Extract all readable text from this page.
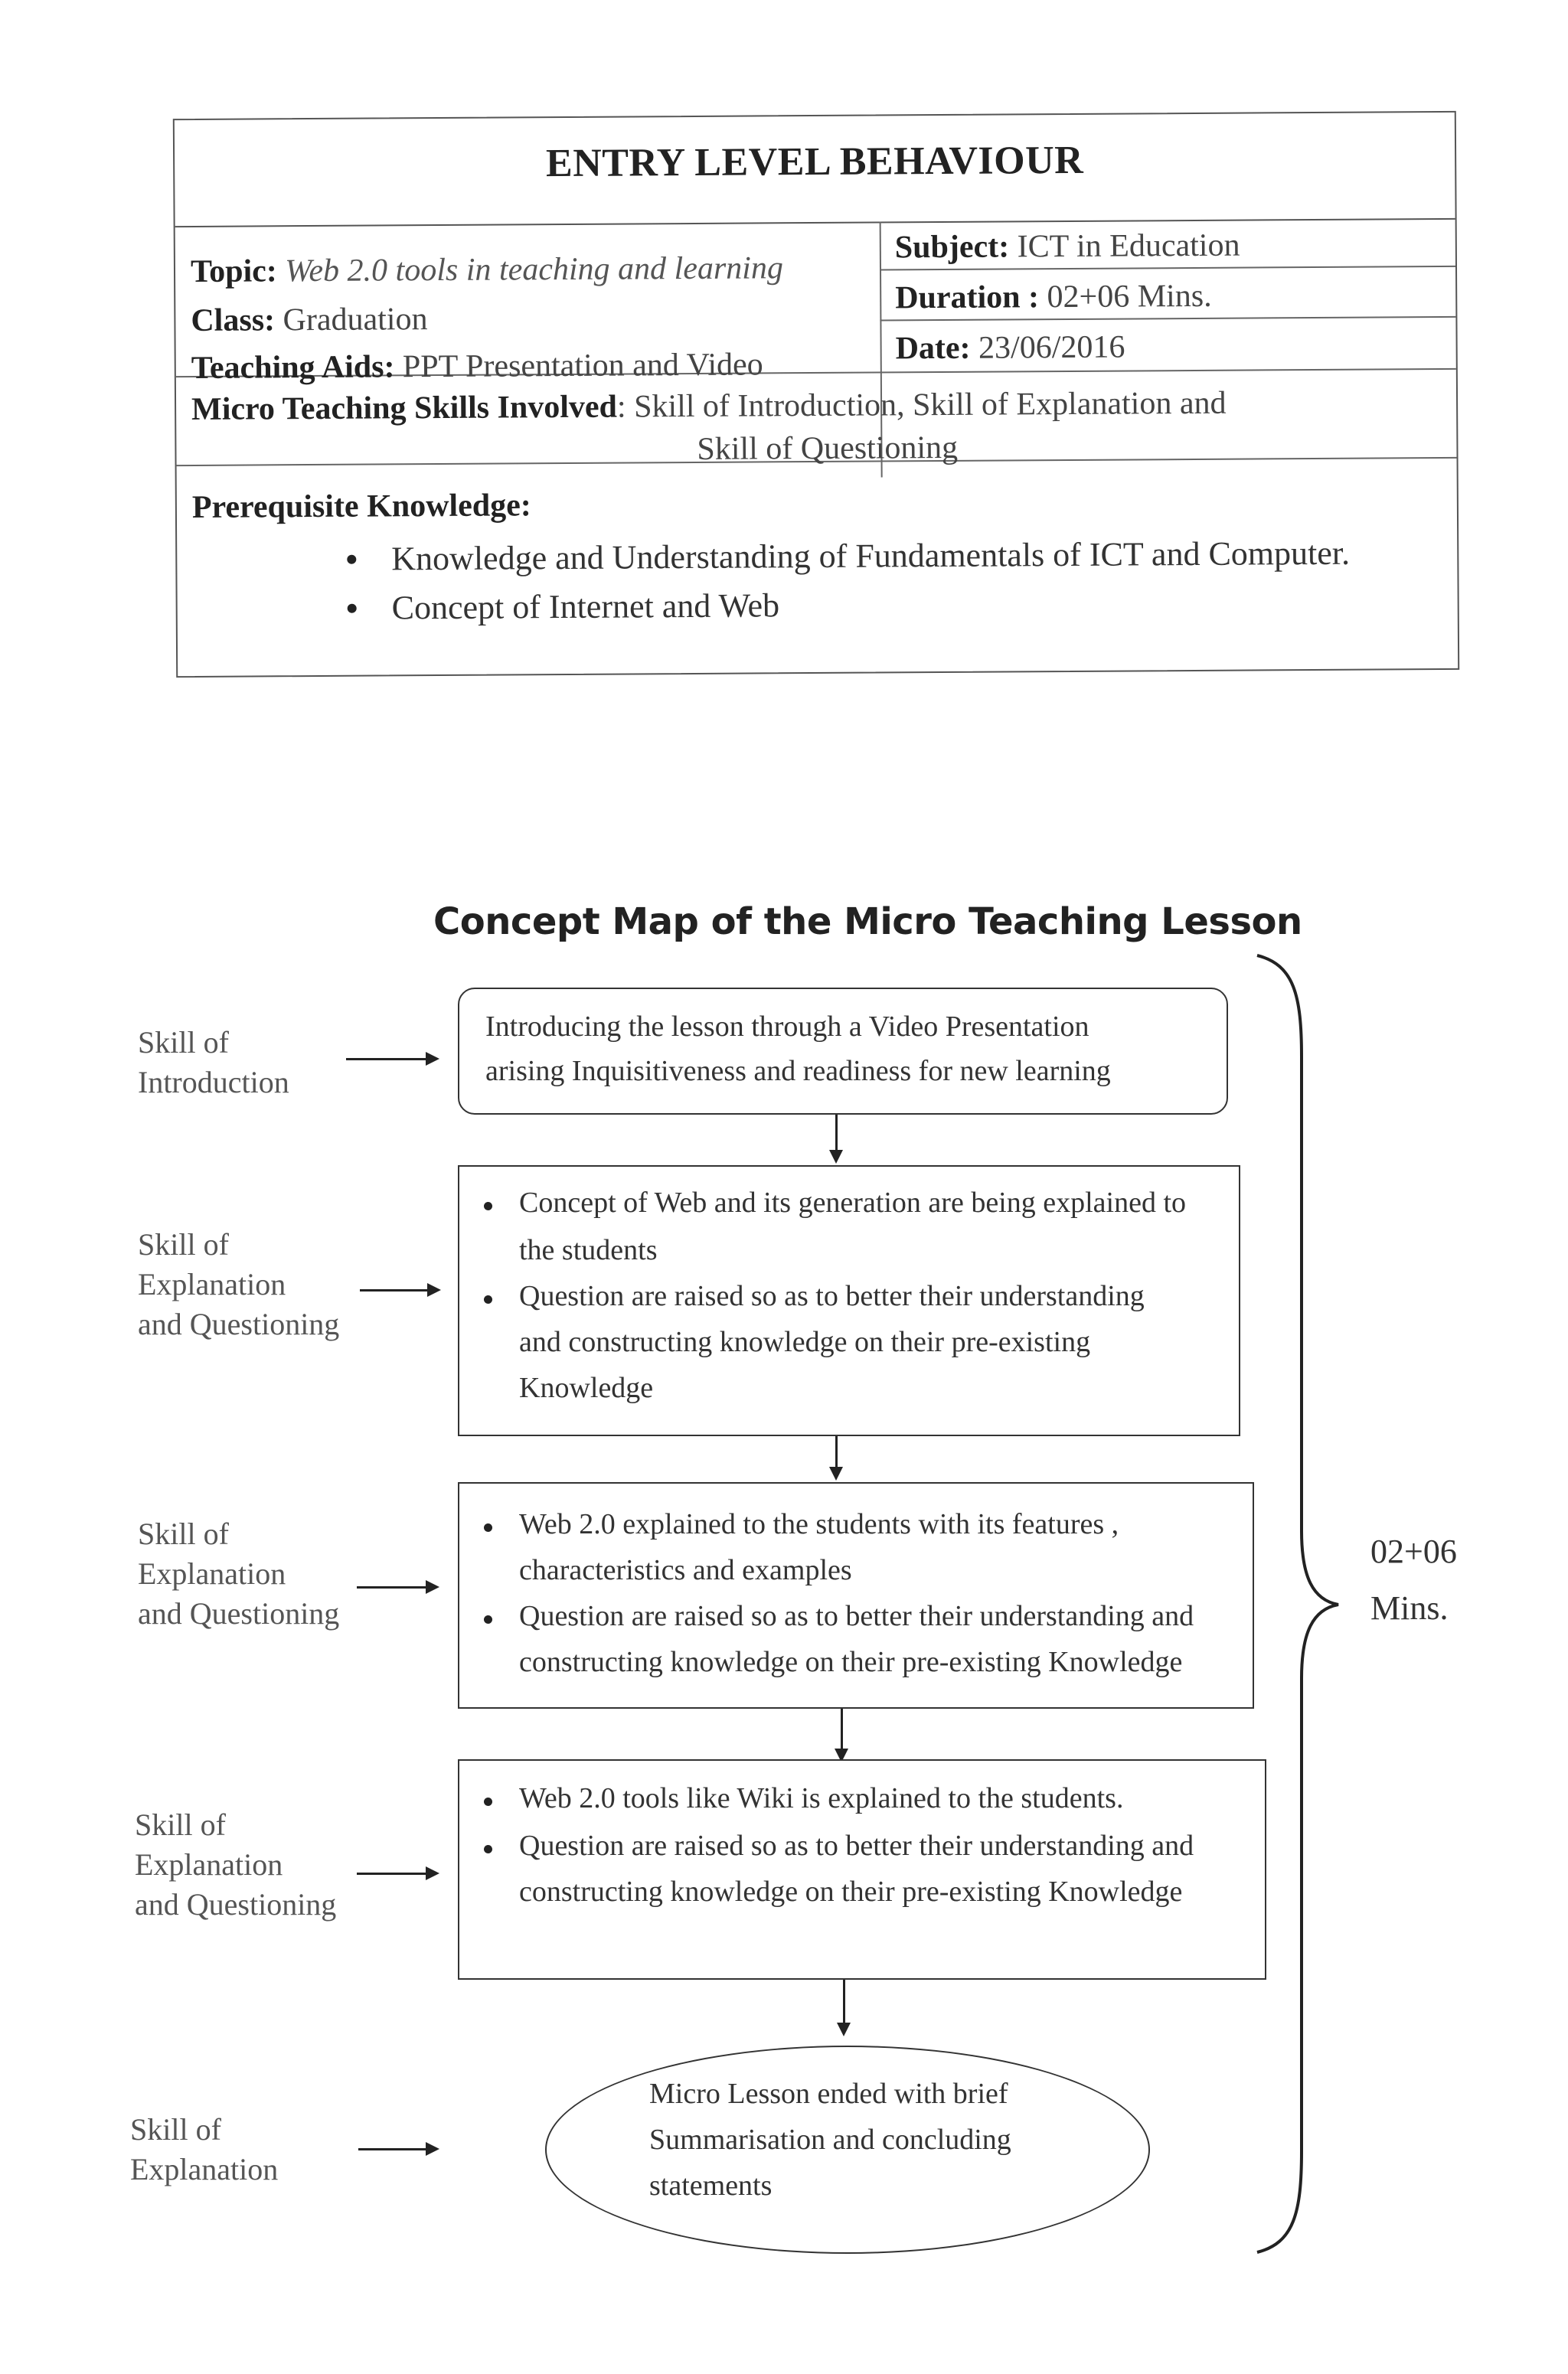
ENTRY LEVEL BEHAVIOUR
Topic: Web 2.0 tools in teaching and learning
Class: Graduation
Teaching Aids: PPT Presentation and Video
Subject: ICT in Education
Duration : 02+06 Mins.
Date: 23/06/2016
Micro Teaching Skills Involved: Skill of Introduction, Skill of Explanation and
Skill of Questioning
Prerequisite Knowledge:
Knowledge and Understanding of Fundamentals of ICT and Computer.
Concept of Internet and Web
Concept Map of the Micro Teaching Lesson
Skill of
Introduction
Introducing the lesson through a Video Presentation
arising Inquisitiveness and readiness for new learning
Skill of
Explanation
and Questioning
Concept of Web and its generation are being explained to
the students
Question are raised so as to better their understanding
and constructing knowledge on their pre-existing
Knowledge
Skill of
Explanation
and Questioning
Web 2.0 explained to the students with its features ,
characteristics and examples
Question are raised so as to better their understanding and
constructing knowledge on their pre-existing Knowledge
Skill of
Explanation
and Questioning
Web 2.0 tools like Wiki is explained to the students.
Question are raised so as to better their understanding and
constructing knowledge on their pre-existing Knowledge
Skill of
Explanation
Micro Lesson ended with brief
Summarisation and concluding
statements
02+06
Mins.
